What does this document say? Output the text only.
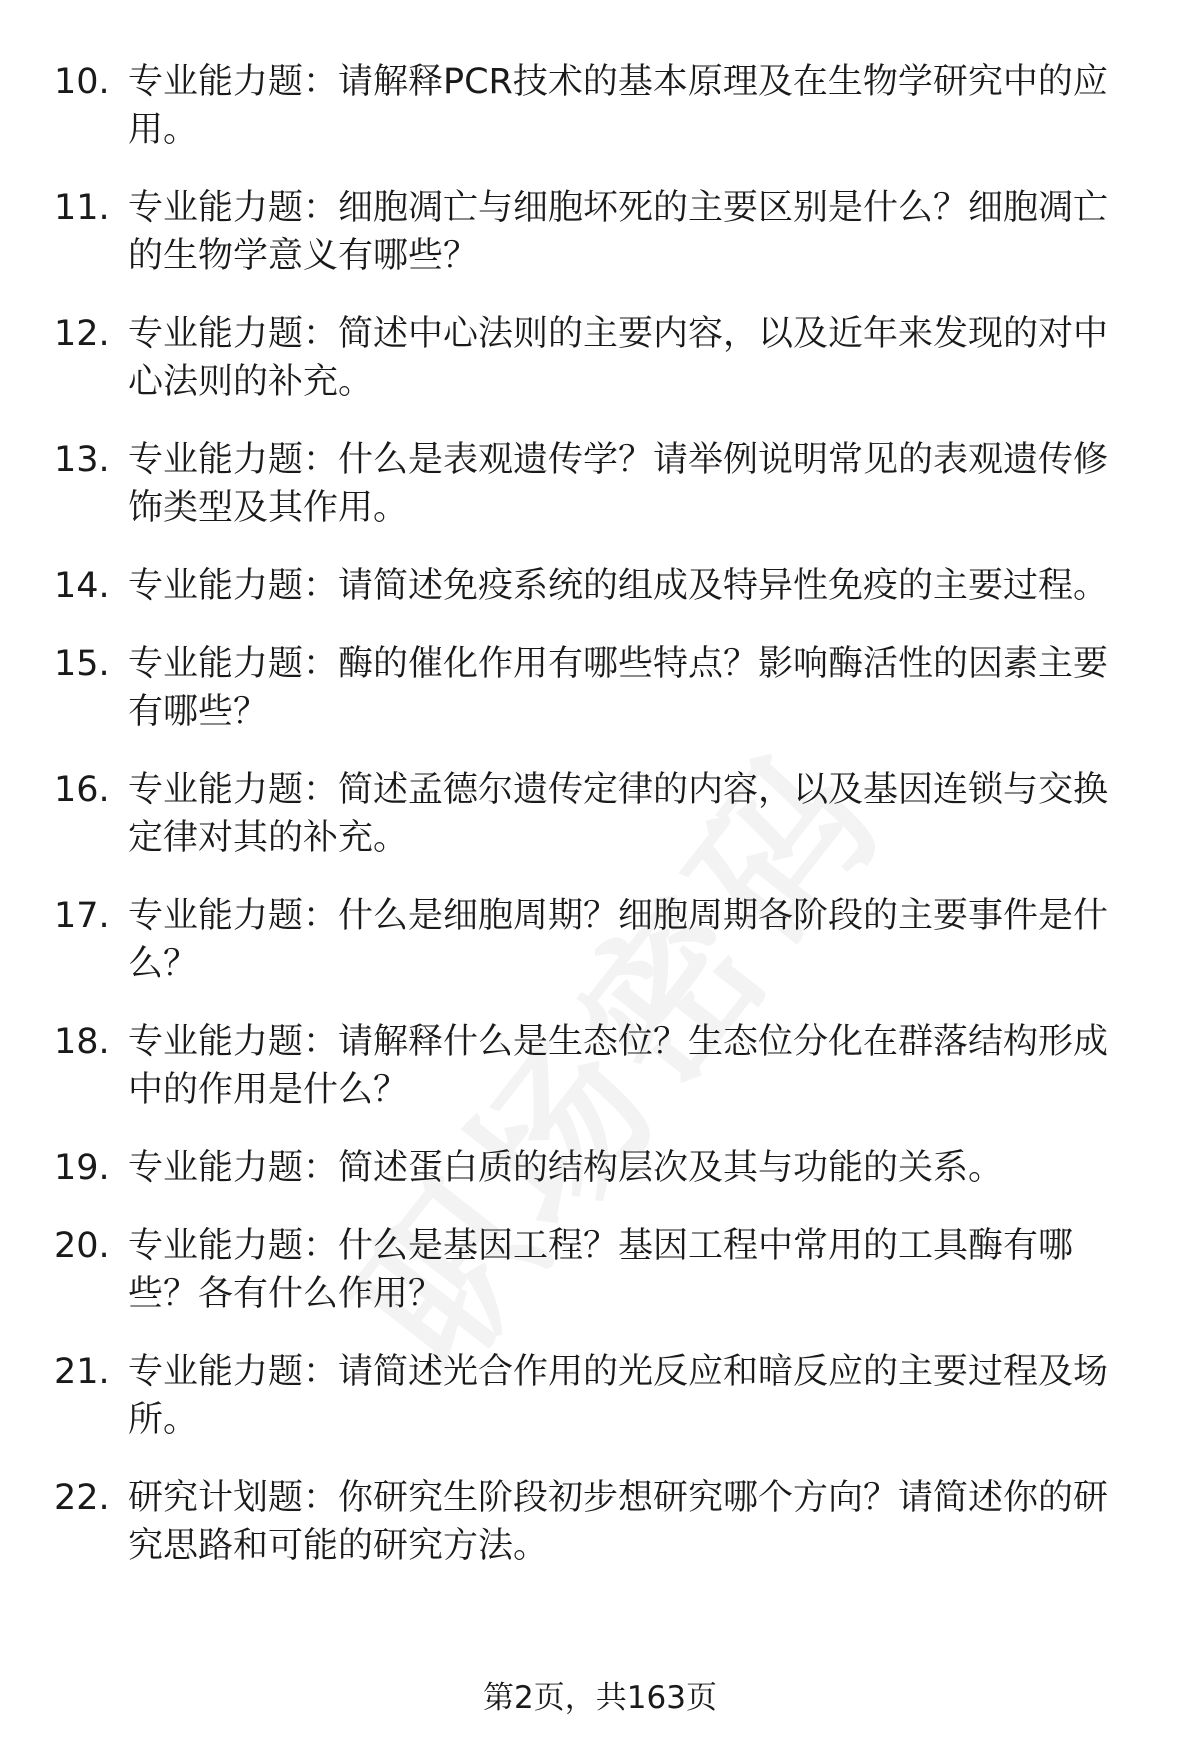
10. 专业能力题：请解释PCR技术的基本原理及在生物学研究中的应用。
11. 专业能力题：细胞凋亡与细胞坏死的主要区别是什么？细胞凋亡的生物学意义有哪些？
12. 专业能力题：简述中心法则的主要内容，以及近年来发现的对中心法则的补充。
13. 专业能力题：什么是表观遗传学？请举例说明常见的表观遗传修饰类型及其作用。
14. 专业能力题：请简述免疫系统的组成及特异性免疫的主要过程。
15. 专业能力题：酶的催化作用有哪些特点？影响酶活性的因素主要有哪些？
16. 专业能力题：简述孟德尔遗传定律的内容，以及基因连锁与交换定律对其的补充。
17. 专业能力题：什么是细胞周期？细胞周期各阶段的主要事件是什么？
18. 专业能力题：请解释什么是生态位？生态位分化在群落结构形成中的作用是什么？
19. 专业能力题：简述蛋白质的结构层次及其与功能的关系。
20. 专业能力题：什么是基因工程？基因工程中常用的工具酶有哪些？各有什么作用？
21. 专业能力题：请简述光合作用的光反应和暗反应的主要过程及场所。
22. 研究计划题：你研究生阶段初步想研究哪个方向？请简述你的研究思路和可能的研究方法。
第2页，共163页
